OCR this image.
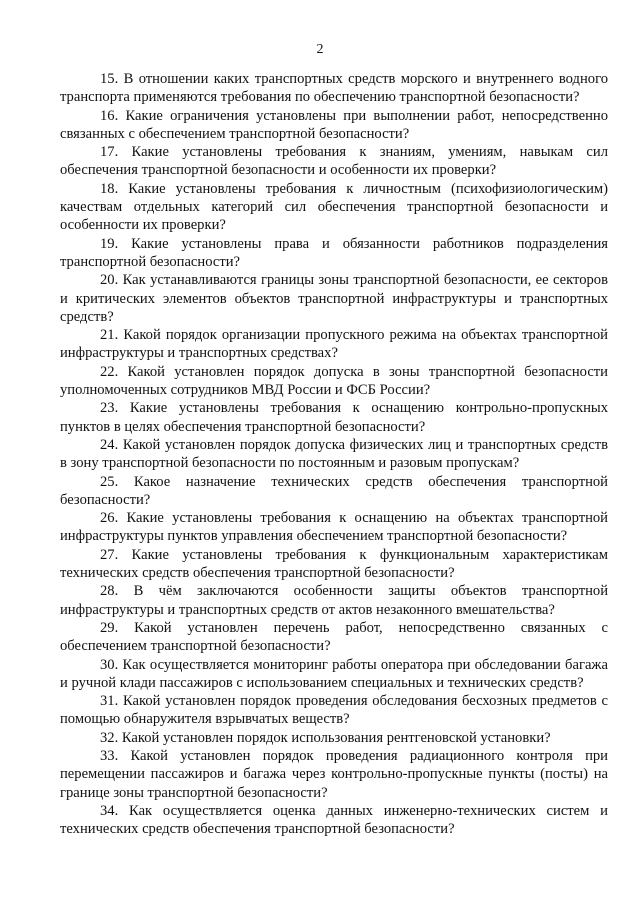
2
15. В отношении каких транспортных средств морского и внутреннего водного транспорта применяются требования по обеспечению транспортной безопасности?
16. Какие ограничения установлены при выполнении работ, непосредственно связанных с обеспечением транспортной безопасности?
17. Какие установлены требования к знаниям, умениям, навыкам сил обеспечения транспортной безопасности и особенности их проверки?
18. Какие установлены требования к личностным (психофизиологическим) качествам отдельных категорий сил обеспечения транспортной безопасности и особенности их проверки?
19. Какие установлены права и обязанности работников подразделения транспортной безопасности?
20. Как устанавливаются границы зоны транспортной безопасности, ее секторов и критических элементов объектов транспортной инфраструктуры и транспортных средств?
21. Какой порядок организации пропускного режима на объектах транспортной инфраструктуры и транспортных средствах?
22. Какой установлен порядок допуска в зоны транспортной безопасности уполномоченных сотрудников МВД России и ФСБ России?
23. Какие установлены требования к оснащению контрольно-пропускных пунктов в целях обеспечения транспортной безопасности?
24. Какой установлен порядок допуска физических лиц и транспортных средств в зону транспортной безопасности по постоянным и разовым пропускам?
25. Какое назначение технических средств обеспечения транспортной безопасности?
26. Какие установлены требования к оснащению на объектах транспортной инфраструктуры пунктов управления обеспечением транспортной безопасности?
27. Какие установлены требования к функциональным характеристикам технических средств обеспечения транспортной безопасности?
28. В чём заключаются особенности защиты объектов транспортной инфраструктуры и транспортных средств от актов незаконного вмешательства?
29. Какой установлен перечень работ, непосредственно связанных с обеспечением транспортной безопасности?
30. Как осуществляется мониторинг работы оператора при обследовании багажа и ручной клади пассажиров с использованием специальных и технических средств?
31. Какой установлен порядок проведения обследования бесхозных предметов с помощью обнаружителя взрывчатых веществ?
32. Какой установлен порядок использования рентгеновской установки?
33. Какой установлен порядок проведения радиационного контроля при перемещении пассажиров и багажа через контрольно-пропускные пункты (посты) на границе зоны транспортной безопасности?
34. Как осуществляется оценка данных инженерно-технических систем и технических средств обеспечения транспортной безопасности?
